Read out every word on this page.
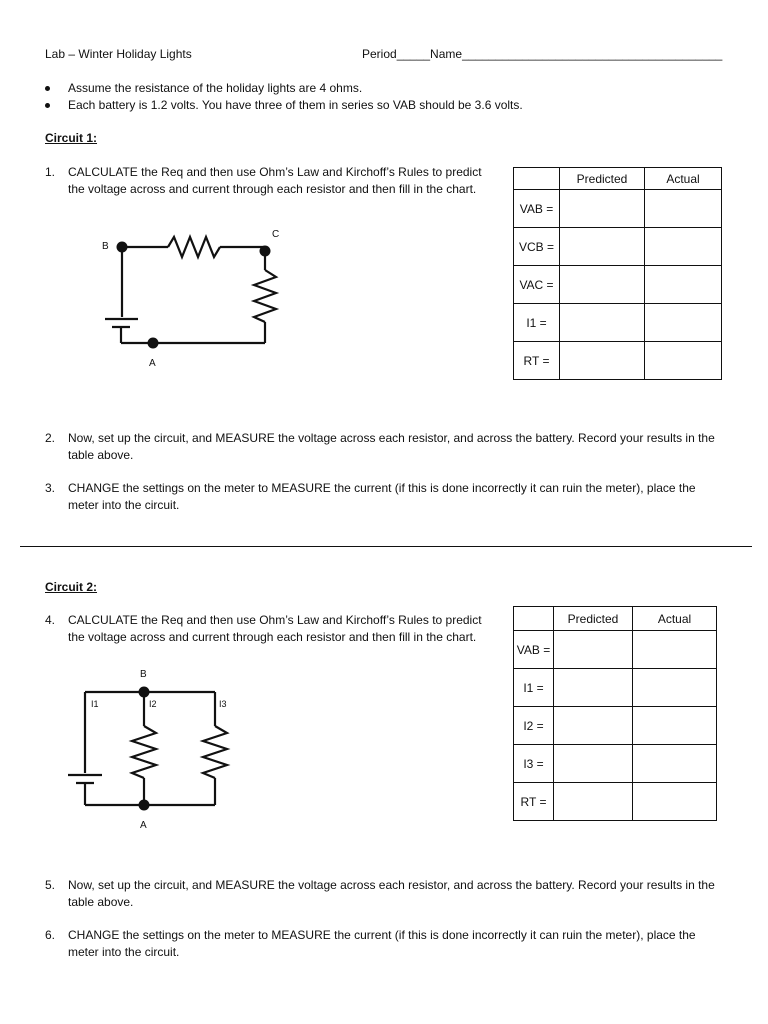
Lab – Winter Holiday Lights	Period_____Name_______________________________________
Assume the resistance of the holiday lights are 4 ohms.
Each battery is 1.2 volts. You have three of them in series so VAB should be 3.6 volts.
Circuit 1:
1. CALCULATE the Req and then use Ohm’s Law and Kirchoff’s Rules to predict the voltage across and current through each resistor and then fill in the chart.
B
C
A
	Predicted	Actual
VAB =		
VCB =		
VAC =		
I1 =		
RT =		
2. Now, set up the circuit, and MEASURE the voltage across each resistor, and across the battery. Record your results in the table above.
3. CHANGE the settings on the meter to MEASURE the current (if this is done incorrectly it can ruin the meter), place the meter into the circuit.
Circuit 2:
4. CALCULATE the Req and then use Ohm’s Law and Kirchoff’s Rules to predict the voltage across and current through each resistor and then fill in the chart.
B
A
I1	I2	I3
	Predicted	Actual
VAB =		
I1 =		
I2 =		
I3 =		
RT =		
5. Now, set up the circuit, and MEASURE the voltage across each resistor, and across the battery. Record your results in the table above.
6. CHANGE the settings on the meter to MEASURE the current (if this is done incorrectly it can ruin the meter), place the meter into the circuit.
